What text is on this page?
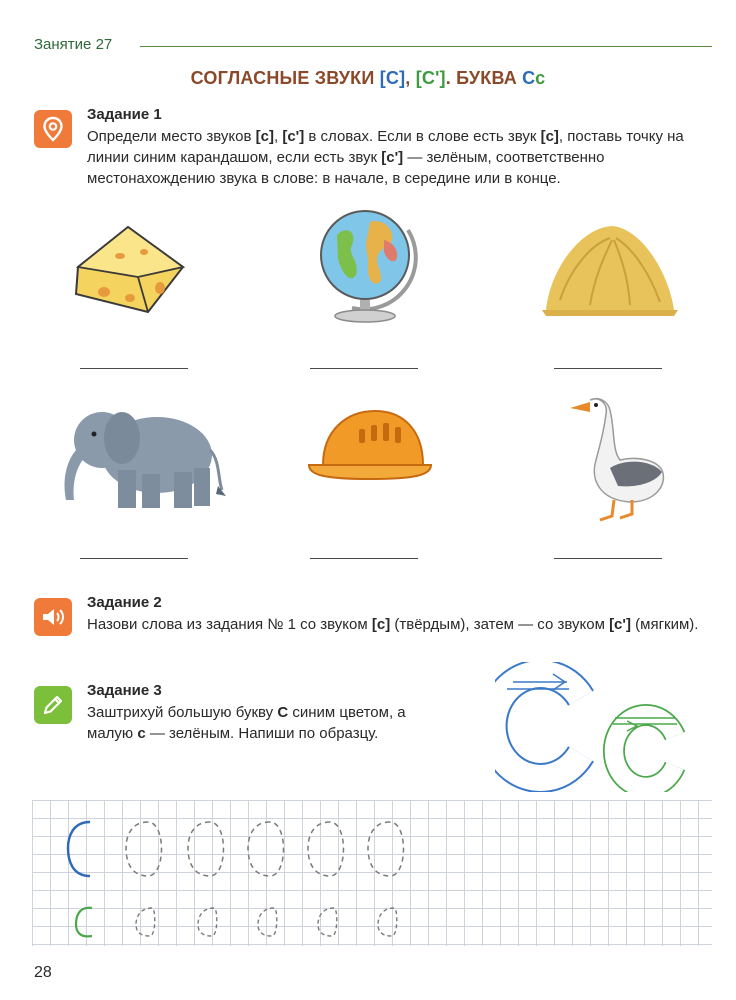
Занятие 27
СОГЛАСНЫЕ ЗВУКИ [С], [С']. БУКВА Сс
Задание 1
Определи место звуков [с], [с'] в словах. Если в слове есть звук [с], поставь точку на линии синим карандашом, если есть звук [с'] — зелёным, соответственно местонахождению звука в слове: в начале, в середине или в конце.
Задание 2
Назови слова из задания № 1 со звуком [с] (твёрдым), затем — со звуком [с'] (мягким).
Задание 3
Заштрихуй большую букву С синим цветом, а малую с — зелёным. Напиши по образцу.
28
